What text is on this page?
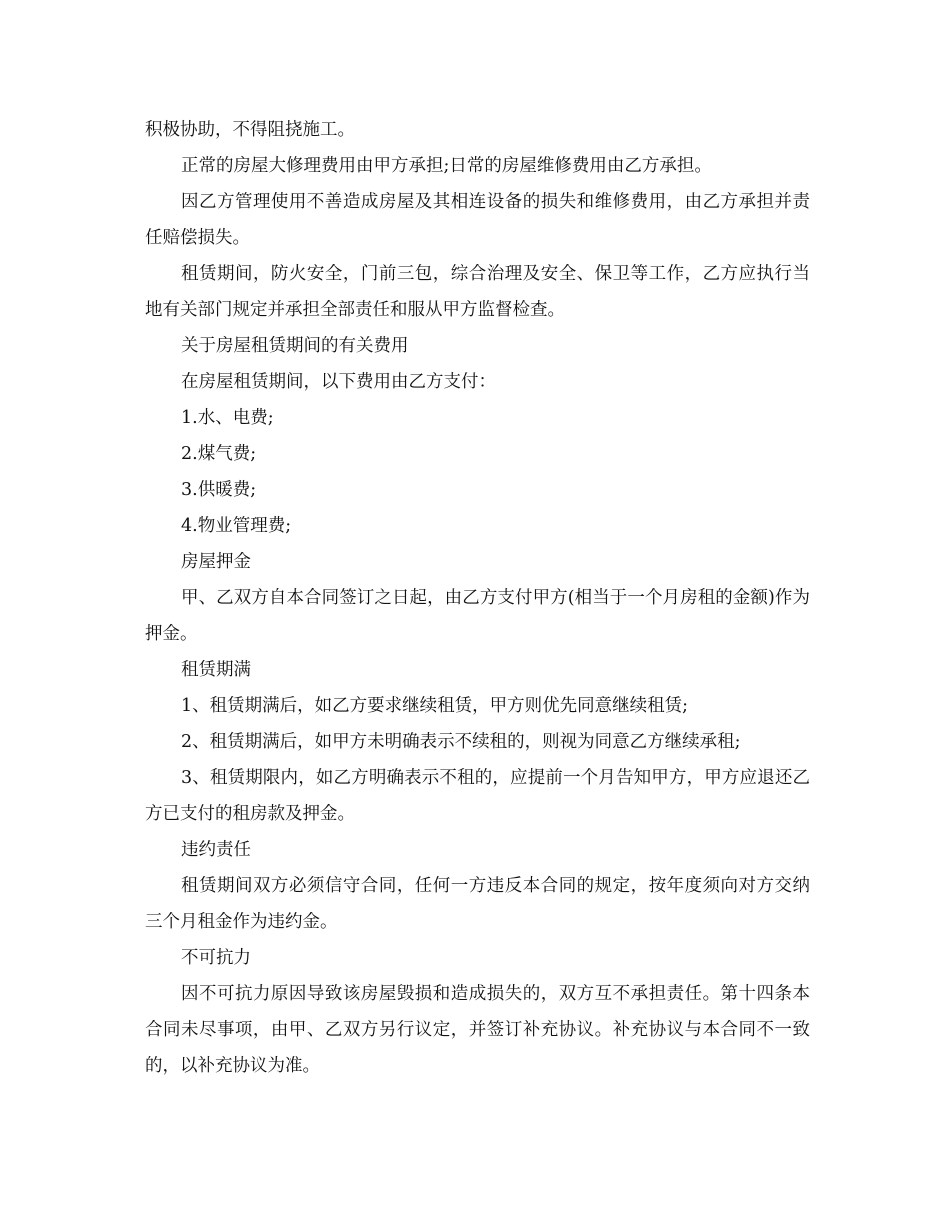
积极协助，不得阻挠施工。

正常的房屋大修理费用由甲方承担;日常的房屋维修费用由乙方承担。

因乙方管理使用不善造成房屋及其相连设备的损失和维修费用，由乙方承担并责任赔偿损失。

租赁期间，防火安全，门前三包，综合治理及安全、保卫等工作，乙方应执行当地有关部门规定并承担全部责任和服从甲方监督检查。

关于房屋租赁期间的有关费用

在房屋租赁期间，以下费用由乙方支付：

1.水、电费;

2.煤气费;

3.供暖费;

4.物业管理费;

房屋押金

甲、乙双方自本合同签订之日起，由乙方支付甲方(相当于一个月房租的金额)作为押金。

租赁期满

1、租赁期满后，如乙方要求继续租赁，甲方则优先同意继续租赁;

2、租赁期满后，如甲方未明确表示不续租的，则视为同意乙方继续承租;

3、租赁期限内，如乙方明确表示不租的，应提前一个月告知甲方，甲方应退还乙方已支付的租房款及押金。

违约责任

租赁期间双方必须信守合同，任何一方违反本合同的规定，按年度须向对方交纳三个月租金作为违约金。

不可抗力

因不可抗力原因导致该房屋毁损和造成损失的，双方互不承担责任。第十四条本合同未尽事项，由甲、乙双方另行议定，并签订补充协议。补充协议与本合同不一致的，以补充协议为准。
